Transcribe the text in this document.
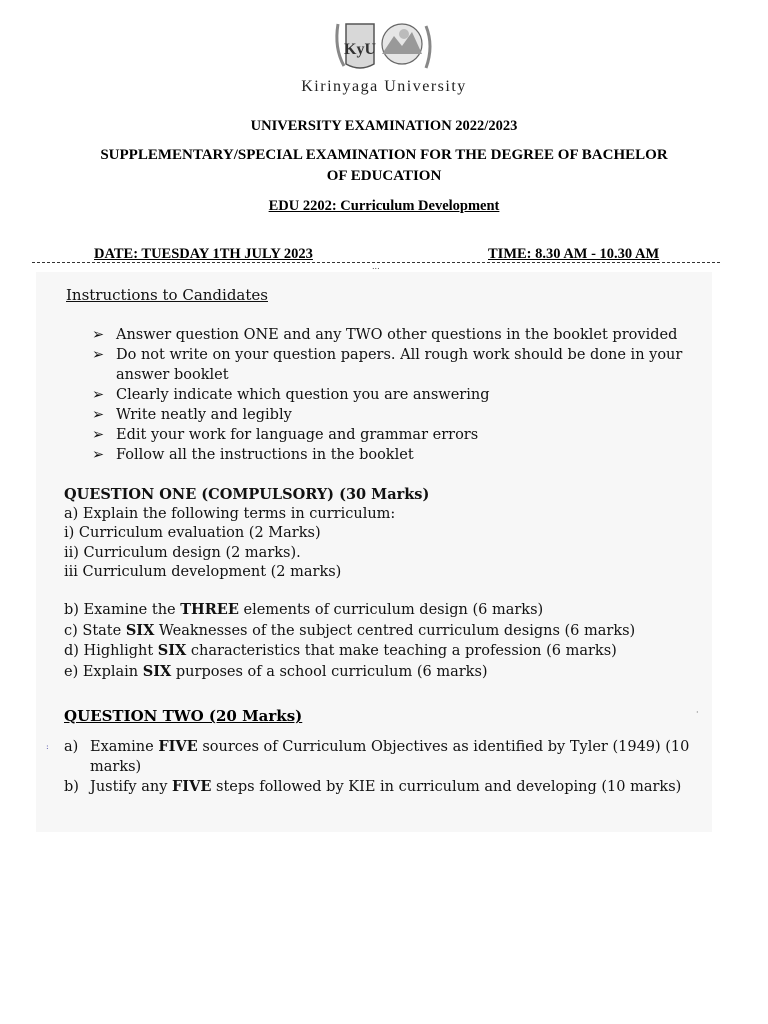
KyU
Kirinyaga University
UNIVERSITY EXAMINATION 2022/2023
SUPPLEMENTARY/SPECIAL EXAMINATION FOR THE DEGREE OF BACHELOR
OF EDUCATION
EDU 2202: Curriculum Development
DATE: TUESDAY 1TH JULY 2023	TIME: 8.30 AM - 10.30 AM
...
Instructions to Candidates
➢ Answer question ONE and any TWO other questions in the booklet provided
➢ Do not write on your question papers. All rough work should be done in your answer booklet
➢ Clearly indicate which question you are answering
➢ Write neatly and legibly
➢ Edit your work for language and grammar errors
➢ Follow all the instructions in the booklet
QUESTION ONE (COMPULSORY) (30 Marks)
a) Explain the following terms in curriculum:
i) Curriculum evaluation (2 Marks)
ii) Curriculum design (2 marks).
iii Curriculum development (2 marks)
b) Examine the THREE elements of curriculum design (6 marks)
c) State SIX Weaknesses of the subject centred curriculum designs (6 marks)
d) Highlight SIX characteristics that make teaching a profession (6 marks)
e) Explain SIX purposes of a school curriculum (6 marks)
QUESTION TWO (20 Marks)
:
·
a) Examine FIVE sources of Curriculum Objectives as identified by Tyler (1949) (10 marks)
b) Justify any FIVE steps followed by KIE in curriculum and developing (10 marks)
